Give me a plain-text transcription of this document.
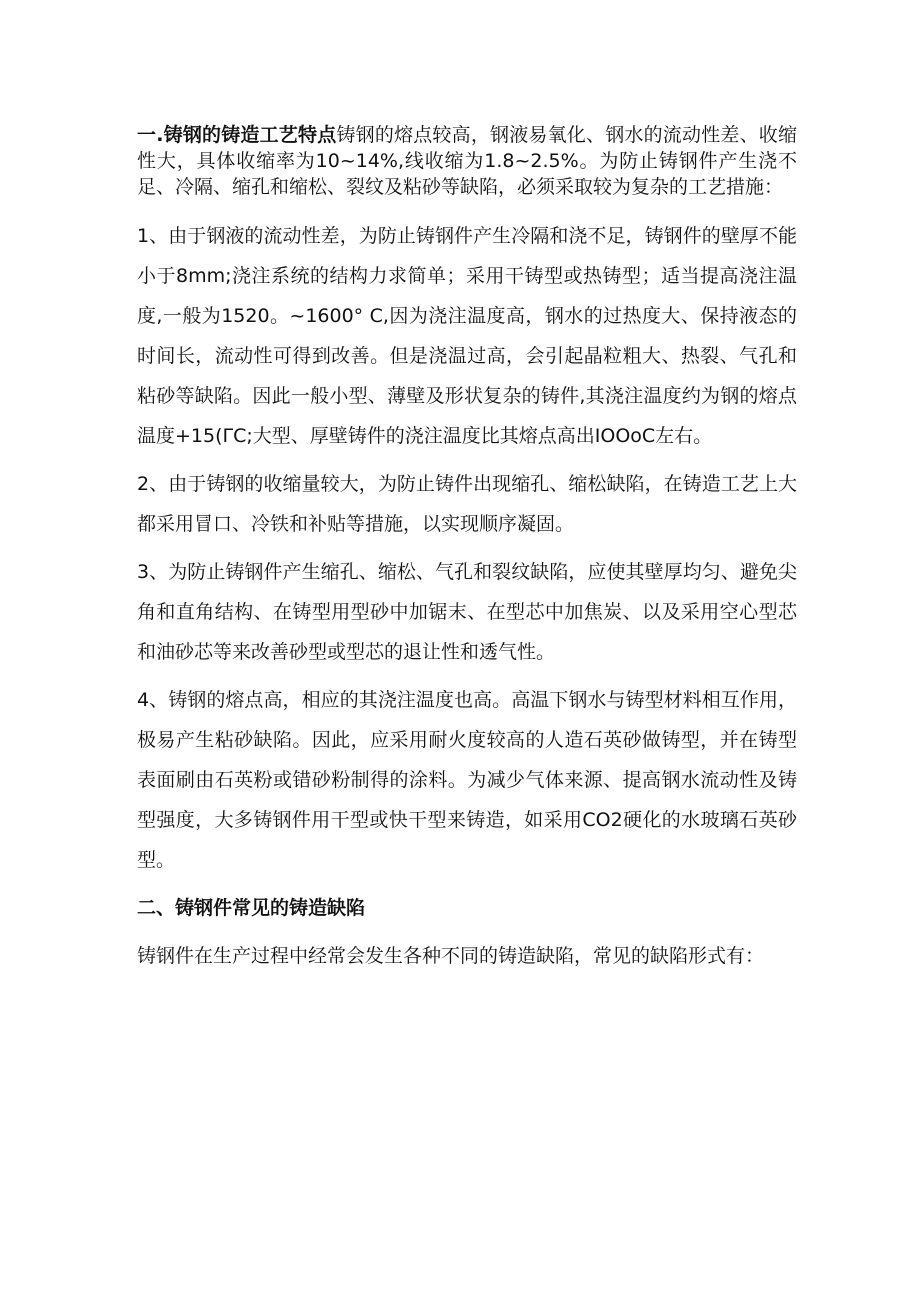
一.铸钢的铸造工艺特点铸钢的熔点较高，钢液易氧化、钢水的流动性差、收缩性大，具体收缩率为10~14%,线收缩为1.8~2.5%。为防止铸钢件产生浇不足、冷隔、缩孔和缩松、裂纹及粘砂等缺陷，必须采取较为复杂的工艺措施：

1、由于钢液的流动性差，为防止铸钢件产生冷隔和浇不足，铸钢件的壁厚不能小于8mm;浇注系统的结构力求简单；采用干铸型或热铸型；适当提高浇注温度,一般为1520。~1600° C,因为浇注温度高，钢水的过热度大、保持液态的时间长，流动性可得到改善。但是浇温过高，会引起晶粒粗大、热裂、气孔和粘砂等缺陷。因此一般小型、薄壁及形状复杂的铸件,其浇注温度约为钢的熔点温度+15(ΓC;大型、厚壁铸件的浇注温度比其熔点高出IOOoC左右。

2、由于铸钢的收缩量较大，为防止铸件出现缩孔、缩松缺陷，在铸造工艺上大都采用冒口、冷铁和补贴等措施，以实现顺序凝固。

3、为防止铸钢件产生缩孔、缩松、气孔和裂纹缺陷，应使其壁厚均匀、避免尖角和直角结构、在铸型用型砂中加锯末、在型芯中加焦炭、以及采用空心型芯和油砂芯等来改善砂型或型芯的退让性和透气性。

4、铸钢的熔点高，相应的其浇注温度也高。高温下钢水与铸型材料相互作用，极易产生粘砂缺陷。因此，应采用耐火度较高的人造石英砂做铸型，并在铸型表面刷由石英粉或错砂粉制得的涂料。为减少气体来源、提高钢水流动性及铸型强度，大多铸钢件用干型或快干型来铸造，如采用CO2硬化的水玻璃石英砂型。

二、铸钢件常见的铸造缺陷

铸钢件在生产过程中经常会发生各种不同的铸造缺陷，常见的缺陷形式有：
